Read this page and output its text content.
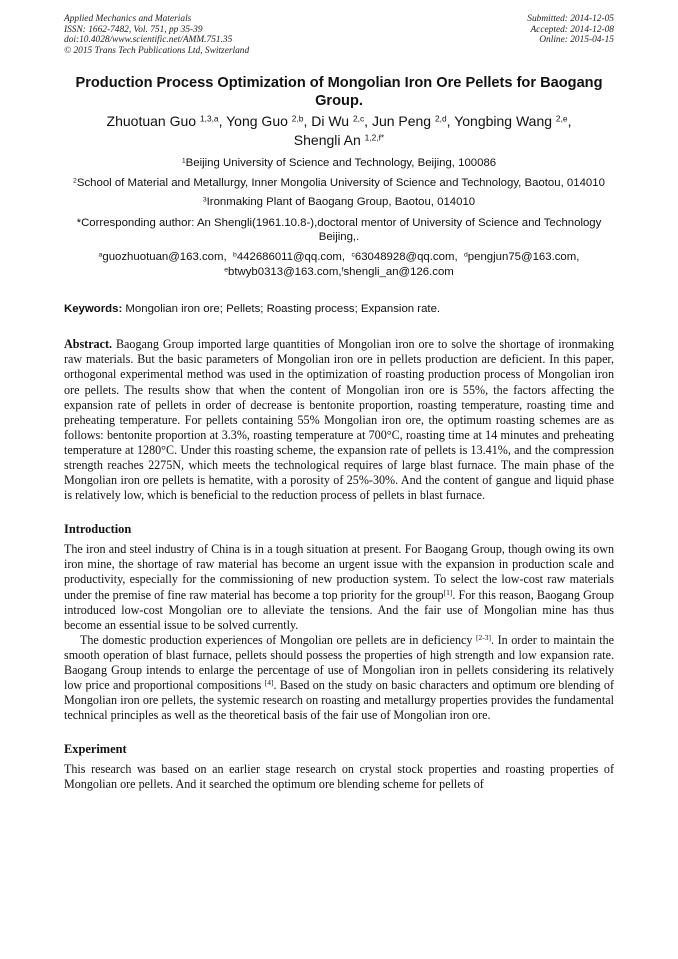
Applied Mechanics and Materials
ISSN: 1662-7482, Vol. 751, pp 35-39
doi:10.4028/www.scientific.net/AMM.751.35
© 2015 Trans Tech Publications Ltd, Switzerland
Submitted: 2014-12-05
Accepted: 2014-12-08
Online: 2015-04-15
Production Process Optimization of Mongolian Iron Ore Pellets for Baogang Group.
Zhuotuan Guo $^{1,3,a}$, Yong Guo $^{2,b}$, Di Wu $^{2,c}$, Jun Peng $^{2,d}$, Yongbing Wang $^{2,e}$,
Shengli An $^{1,2,f*}$
$^1$Beijing University of Science and Technology, Beijing, 100086
$^2$School of Material and Metallurgy, Inner Mongolia University of Science and Technology, Baotou, 014010
$^3$Ironmaking Plant of Baogang Group, Baotou, 014010
*Corresponding author: An Shengli(1961.10.8-),doctoral mentor of University of Science and Technology Beijing,.
$^a$guozhuotuan@163.com,  $^b$442686011@qq.com,  $^c$63048928@qq.com,  $^d$pengjun75@163.com,
$^e$btwyb0313@163.com,$^f$shengli_an@126.com
Keywords: Mongolian iron ore; Pellets; Roasting process; Expansion rate.
Abstract. Baogang Group imported large quantities of Mongolian iron ore to solve the shortage of ironmaking raw materials. But the basic parameters of Mongolian iron ore in pellets production are deficient. In this paper, orthogonal experimental method was used in the optimization of roasting production process of Mongolian iron ore pellets. The results show that when the content of Mongolian iron ore is 55%, the factors affecting the expansion rate of pellets in order of decrease is bentonite proportion, roasting temperature, roasting time and preheating temperature. For pellets containing 55% Mongolian iron ore, the optimum roasting schemes are as follows: bentonite proportion at 3.3%, roasting temperature at 700°C, roasting time at 14 minutes and preheating temperature at 1280°C. Under this roasting scheme, the expansion rate of pellets is 13.41%, and the compression strength reaches 2275N, which meets the technological requires of large blast furnace. The main phase of the Mongolian iron ore pellets is hematite, with a porosity of 25%-30%. And the content of gangue and liquid phase is relatively low, which is beneficial to the reduction process of pellets in blast furnace.
Introduction

The iron and steel industry of China is in a tough situation at present. For Baogang Group, though owing its own iron mine, the shortage of raw material has become an urgent issue with the expansion in production scale and productivity, especially for the commissioning of new production system. To select the low-cost raw materials under the premise of fine raw material has become a top priority for the group[1]. For this reason, Baogang Group introduced low-cost Mongolian ore to alleviate the tensions. And the fair use of Mongolian mine has thus become an essential issue to be solved currently.

The domestic production experiences of Mongolian ore pellets are in deficiency [2-3]. In order to maintain the smooth operation of blast furnace, pellets should possess the properties of high strength and low expansion rate. Baogang Group intends to enlarge the percentage of use of Mongolian iron in pellets considering its relatively low price and proportional compositions [4]. Based on the study on basic characters and optimum ore blending of Mongolian iron ore pellets, the systemic research on roasting and metallurgy properties provides the fundamental technical principles as well as the theoretical basis of the fair use of Mongolian iron ore.

Experiment

This research was based on an earlier stage research on crystal stock properties and roasting properties of Mongolian ore pellets. And it searched the optimum ore blending scheme for pellets of
